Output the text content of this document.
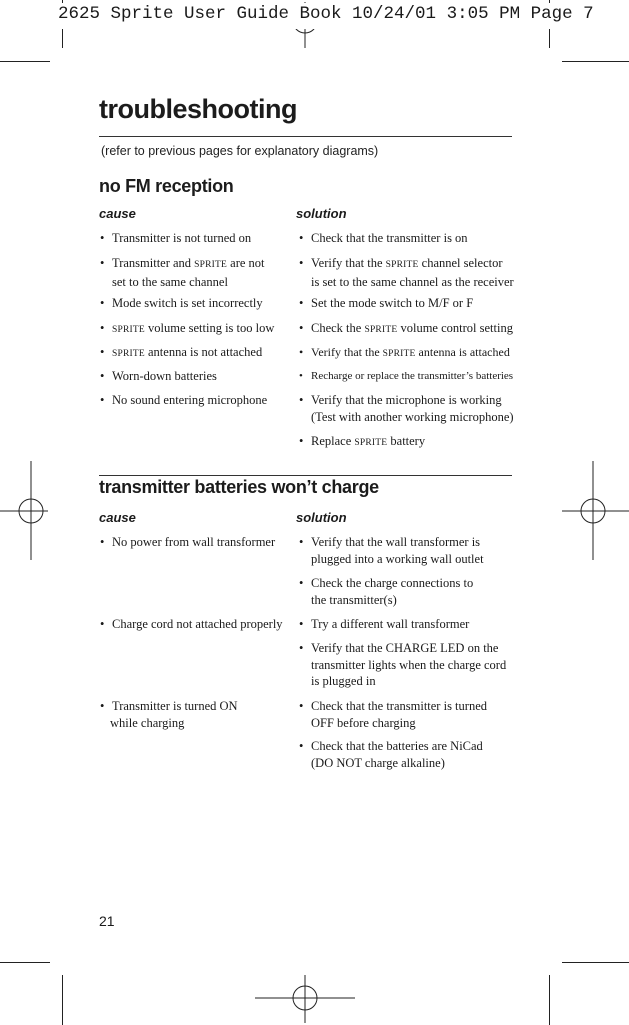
2625 Sprite User Guide Book 10/24/01 3:05 PM Page 7
troubleshooting
(refer to previous pages for explanatory diagrams)
no FM reception
cause	solution
• Transmitter is not turned on
• Transmitter and SPRITE are not
set to the same channel
• Mode switch is set incorrectly
• SPRITE volume setting is too low
• SPRITE antenna is not attached
• Worn-down batteries
• No sound entering microphone
• Check that the transmitter is on
• Verify that the SPRITE channel selector
is set to the same channel as the receiver
• Set the mode switch to M/F or F
• Check the SPRITE volume control setting
• Verify that the SPRITE antenna is attached
• Recharge or replace the transmitter’s batteries
• Verify that the microphone is working
(Test with another working microphone)
• Replace SPRITE battery
transmitter batteries won’t charge
cause	solution
• No power from wall transformer
• Charge cord not attached properly
• Transmitter is turned ON
while charging
• Verify that the wall transformer is
plugged into a working wall outlet
• Check the charge connections to
the transmitter(s)
• Try a different wall transformer
• Verify that the CHARGE LED on the
transmitter lights when the charge cord
is plugged in
• Check that the transmitter is turned
OFF before charging
• Check that the batteries are NiCad
(DO NOT charge alkaline)
21
